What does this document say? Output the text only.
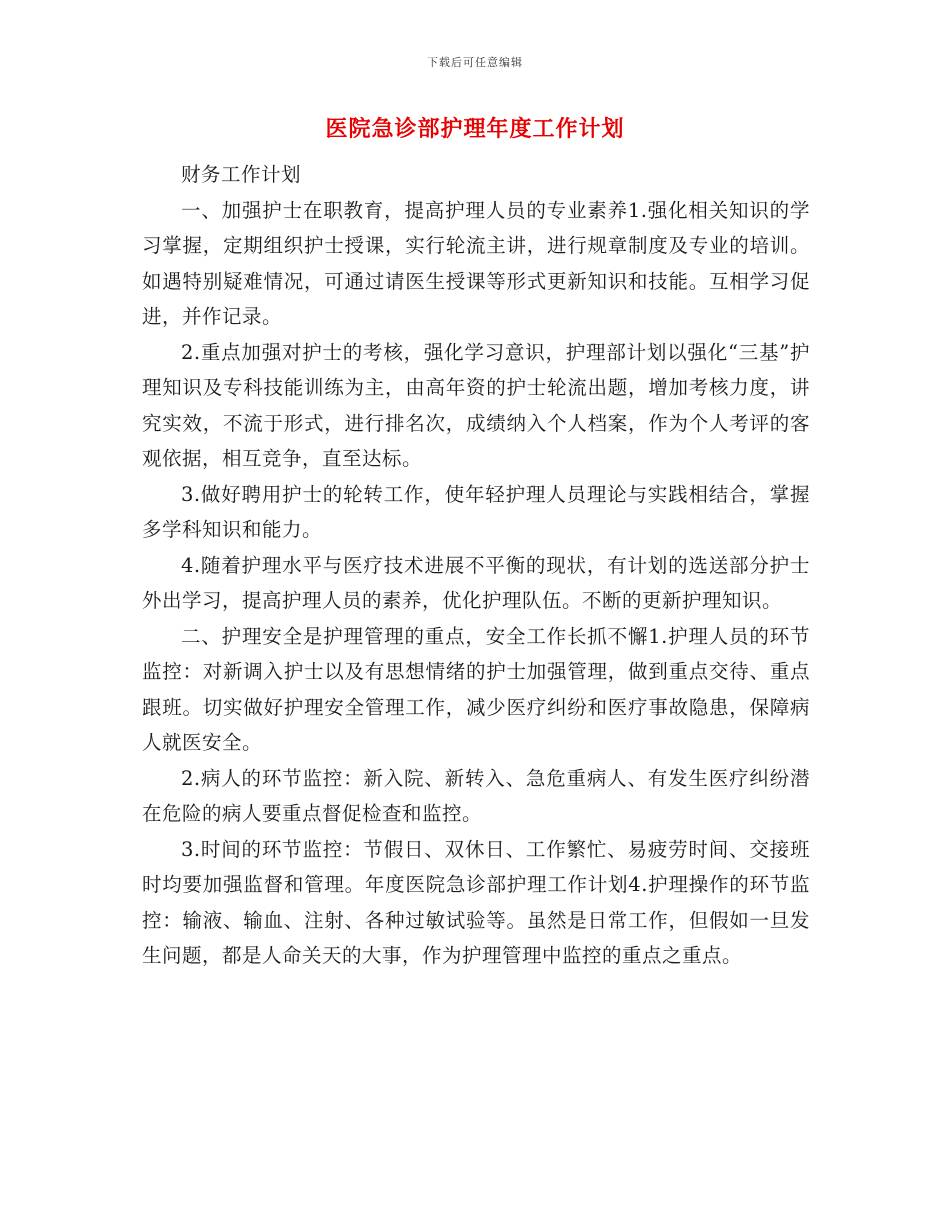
下载后可任意编辑
医院急诊部护理年度工作计划

财务工作计划

一、加强护士在职教育，提高护理人员的专业素养1.强化相关知识的学习掌握，定期组织护士授课，实行轮流主讲，进行规章制度及专业的培训。如遇特别疑难情况，可通过请医生授课等形式更新知识和技能。互相学习促进，并作记录。

2.重点加强对护士的考核，强化学习意识，护理部计划以强化“三基”护理知识及专科技能训练为主，由高年资的护士轮流出题，增加考核力度，讲究实效，不流于形式，进行排名次，成绩纳入个人档案，作为个人考评的客观依据，相互竞争，直至达标。

3.做好聘用护士的轮转工作，使年轻护理人员理论与实践相结合，掌握多学科知识和能力。

4.随着护理水平与医疗技术进展不平衡的现状，有计划的选送部分护士外出学习，提高护理人员的素养，优化护理队伍。不断的更新护理知识。

二、护理安全是护理管理的重点，安全工作长抓不懈1.护理人员的环节监控：对新调入护士以及有思想情绪的护士加强管理，做到重点交待、重点跟班。切实做好护理安全管理工作，减少医疗纠纷和医疗事故隐患，保障病人就医安全。

2.病人的环节监控：新入院、新转入、急危重病人、有发生医疗纠纷潜在危险的病人要重点督促检查和监控。

3.时间的环节监控：节假日、双休日、工作繁忙、易疲劳时间、交接班时均要加强监督和管理。年度医院急诊部护理工作计划4.护理操作的环节监控：输液、输血、注射、各种过敏试验等。虽然是日常工作，但假如一旦发生问题，都是人命关天的大事，作为护理管理中监控的重点之重点。
